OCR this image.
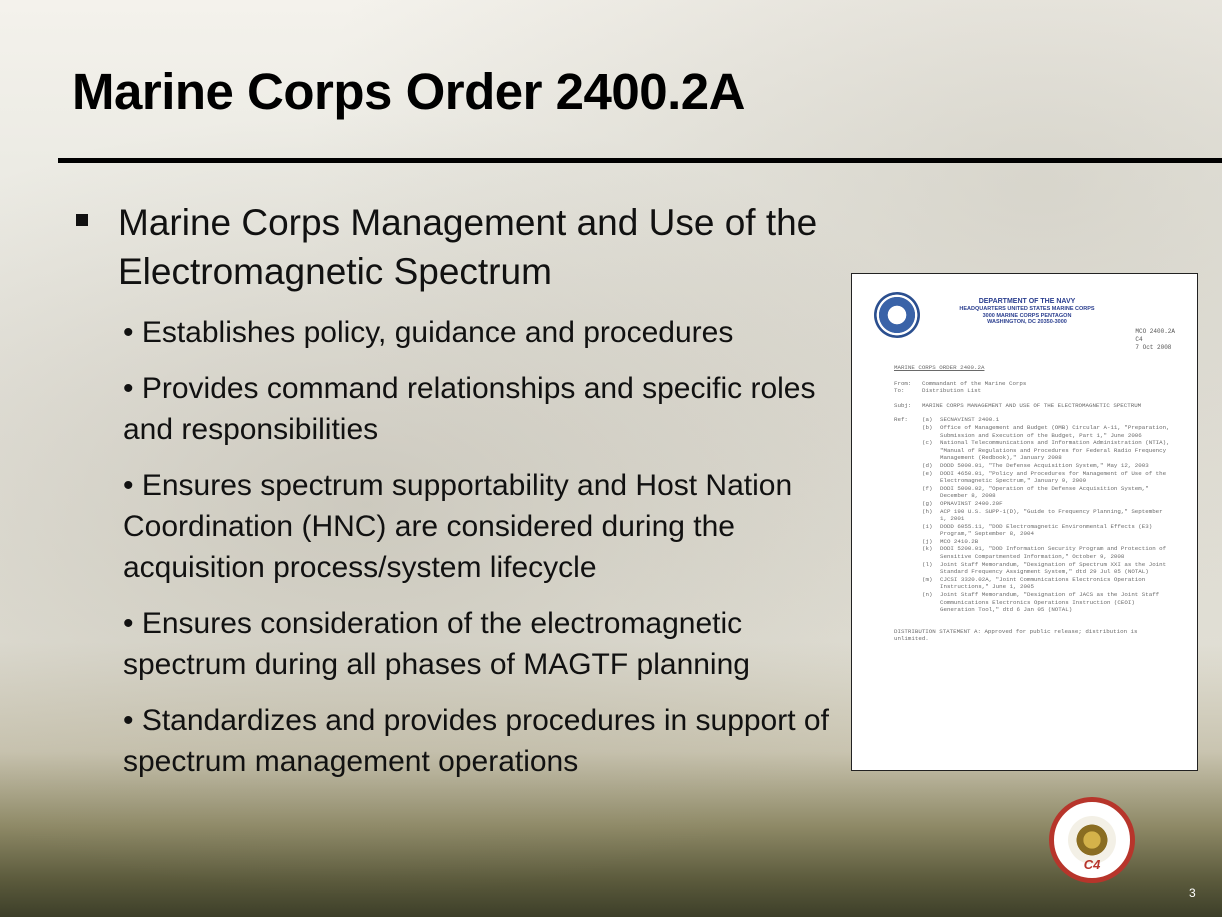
Marine Corps Order 2400.2A

Marine Corps Management and Use of the Electromagnetic Spectrum

• Establishes policy, guidance and procedures
• Provides command relationships and specific roles and responsibilities
• Ensures spectrum supportability and Host Nation Coordination (HNC) are considered during the acquisition process/system lifecycle
• Ensures consideration of the electromagnetic spectrum during all phases of MAGTF planning
• Standardizes and provides procedures in support of spectrum management operations
DEPARTMENT OF THE NAVY
HEADQUARTERS UNITED STATES MARINE CORPS
3000 MARINE CORPS PENTAGON
WASHINGTON, DC 20350-3000
MCO 2400.2A
C4
7 Oct 2008
MARINE CORPS ORDER 2400.2A
From:	Commandant of the Marine Corps
To:	Distribution List
Subj:	MARINE CORPS MANAGEMENT AND USE OF THE ELECTROMAGNETIC SPECTRUM
Ref:	(a)	SECNAVINST 2400.1
(b)	Office of Management and Budget (OMB) Circular A-11, "Preparation, Submission and Execution of the Budget, Part 1," June 2006
(c)	National Telecommunications and Information Administration (NTIA), "Manual of Regulations and Procedures for Federal Radio Frequency Management (Redbook)," January 2008
(d)	DODD 5000.01, "The Defense Acquisition System," May 12, 2003
(e)	DODI 4650.01, "Policy and Procedures for Management of Use of the Electromagnetic Spectrum," January 9, 2009
(f)	DODI 5000.02, "Operation of the Defense Acquisition System," December 8, 2008
(g)	OPNAVINST 2400.20F
(h)	ACP 190 U.S. SUPP-1(D), "Guide to Frequency Planning," September 1, 2001
(i)	DODD 6055.11, "DOD Electromagnetic Environmental Effects (E3) Program," September 8, 2004
(j)	MCO 2410.2B
(k)	DODI 5200.01, "DOD Information Security Program and Protection of Sensitive Compartmented Information," October 9, 2008
(l)	Joint Staff Memorandum, "Designation of Spectrum XXI as the Joint Standard Frequency Assignment System," dtd 29 Jul 05 (NOTAL)
(m)	CJCSI 3320.02A, "Joint Communications Electronics Operation Instructions," June 1, 2005
(n)	Joint Staff Memorandum, "Designation of JACS as the Joint Staff Communications Electronics Operations Instruction (CEOI) Generation Tool," dtd 6 Jan 05 (NOTAL)
DISTRIBUTION STATEMENT A: Approved for public release; distribution is unlimited.
C4
3
